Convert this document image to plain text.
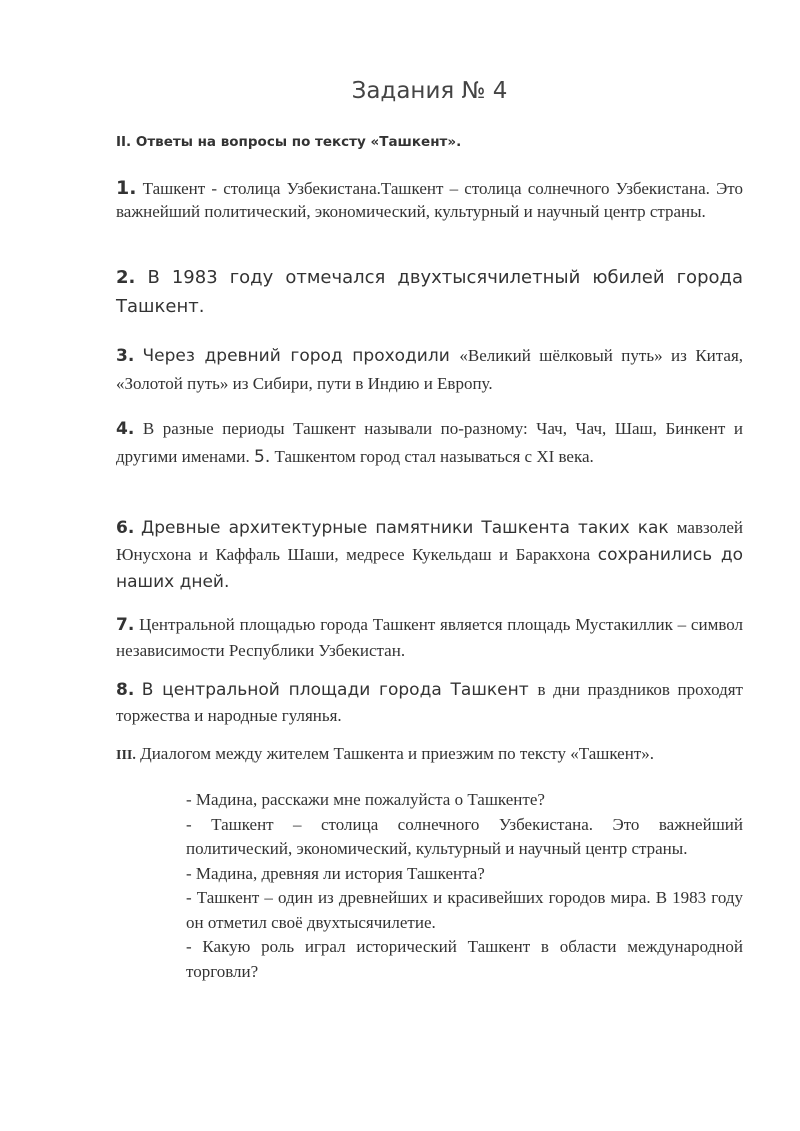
Задания № 4
II. Ответы на вопросы по тексту «Ташкент».
1. Ташкент - столица Узбекистана.Ташкент – столица солнечного Узбекистана. Это важнейший политический, экономический, культурный и научный центр страны.
2. В 1983 году отмечался двухтысячилетный юбилей города Ташкент.
3. Через древний город проходили «Великий шёлковый путь» из Китая, «Золотой путь» из Сибири, пути в Индию и Европу.
4. В разные периоды Ташкент называли по-разному: Чач, Чач, Шаш, Бинкент и другими именами. 5. Ташкентом город стал называться с XI века.
6. Древные архитектурные памятники Ташкента таких как мавзолей Юнусхона и Каффаль Шаши, медресе Кукельдаш и Баракхона сохранились до наших дней.
7. Центральной площадью города Ташкент является площадь Мустакиллик – символ независимости Республики Узбекистан.
8. В центральной площади города Ташкент в дни праздников проходят торжества и народные гулянья.
III. Диалогом между жителем Ташкента и приезжим по тексту «Ташкент».
- Мадина, расскажи мне пожалуйста о Ташкенте?
- Ташкент – столица солнечного Узбекистана. Это важнейший политический, экономический, культурный и научный центр страны.
- Мадина, древняя ли история Ташкента?
- Ташкент – один из древнейших и красивейших городов мира. В 1983 году он отметил своё двухтысячилетие.
- Какую роль играл исторический Ташкент в области международной торговли?
